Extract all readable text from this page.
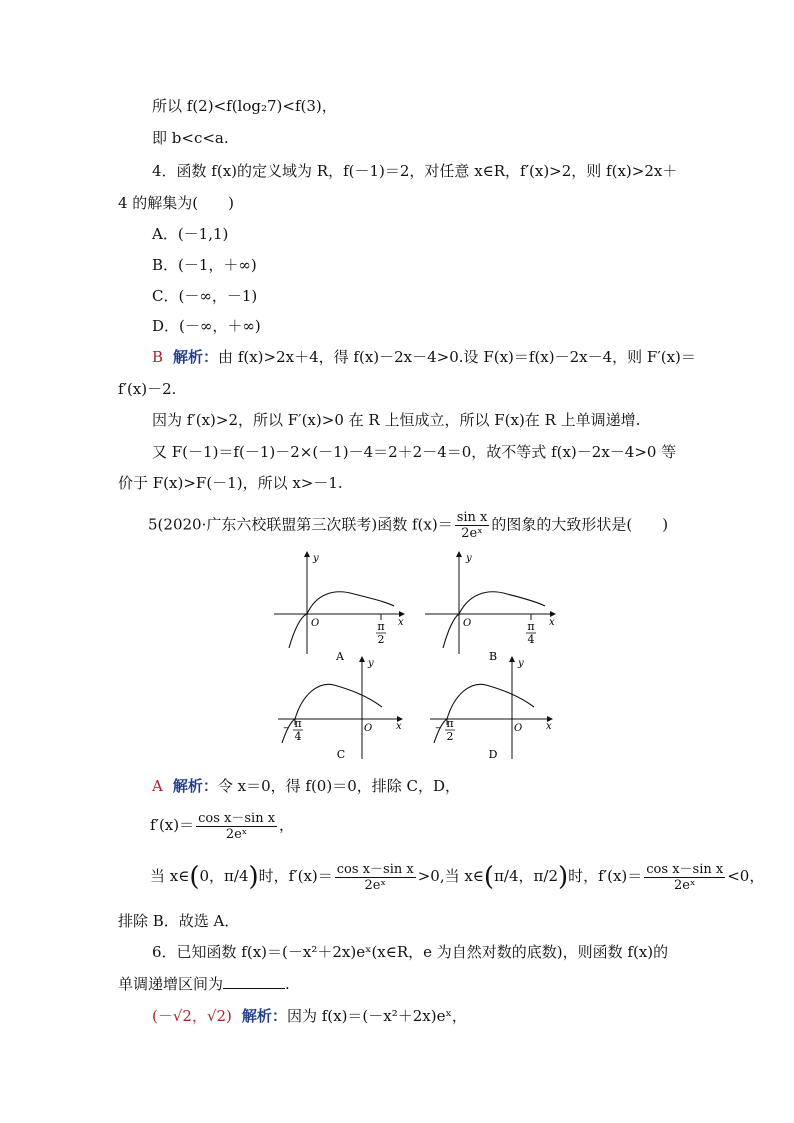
所以 f(2)<f(log₂7)<f(3)，
即 b<c<a.
4．函数 f(x)的定义域为 R，f(－1)＝2，对任意 x∈R，f′(x)>2，则 f(x)>2x＋
4 的解集为(　　)
A．(－1,1)
B．(－1，＋∞)
C．(－∞，－1)
D．(－∞，＋∞)
B 解析：由 f(x)>2x＋4，得 f(x)－2x－4>0.设 F(x)＝f(x)－2x－4，则 F′(x)＝
f′(x)－2.
因为 f′(x)>2，所以 F′(x)>0 在 R 上恒成立，所以 F(x)在 R 上单调递增.
又 F(－1)＝f(－1)－2×(－1)－4＝2＋2－4＝0，故不等式 f(x)－2x－4>0 等
价于 F(x)>F(－1)，所以 x>－1.
5(2020·广东六校联盟第三次联考)函数 $f(x)= \frac{\text{sin x}}{\text{2eˣ}}$ 的图象的大致形状是(　　)
y
x
O	π
2
A
y
x
O	π
4
B
y
x
O
– π
4
C
y
x
O
– π
2
D
A 解析：令 x＝0，得 f(0)＝0，排除 C，D，
$f'(x)= \frac{\text{cos x－sin x}}{\text{2eˣ}}$ ，
当 x∈(0，π/4)时，$f'(x)= \frac{\text{cos x－sin x}}{\text{2eˣ}} >0$,当 x∈(π/4，π/2)时，$f'(x)= \frac{\text{cos x－sin x}}{\text{2eˣ}} <0$，
排除 B．故选 A．
6．已知函数 f(x)＝(－x²＋2x)eˣ(x∈R，e 为自然对数的底数)，则函数 f(x)的
单调递增区间为	.
(－√2，√2) 解析：因为 f(x)＝(－x²＋2x)eˣ，
